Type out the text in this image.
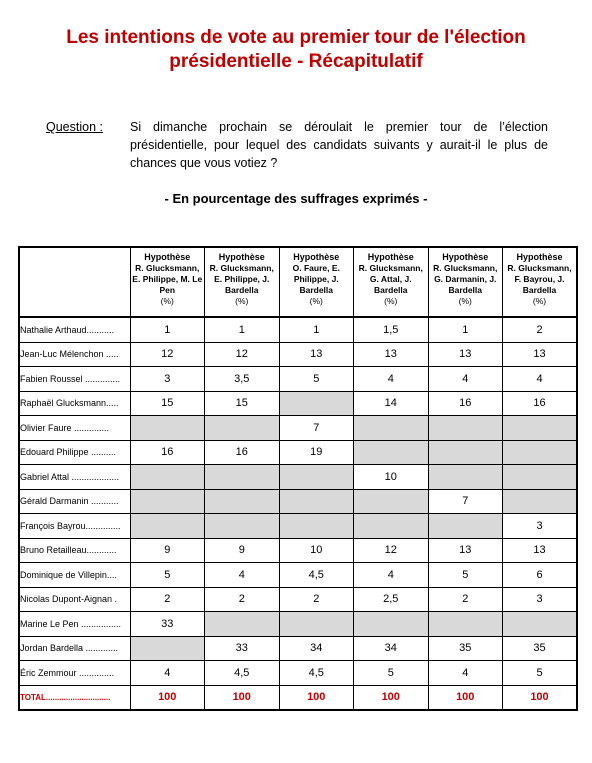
Les intentions de vote au premier tour de l'élection
présidentielle - Récapitulatif
Question : Si dimanche prochain se déroulait le premier tour de l’élection présidentielle, pour lequel des candidats suivants y aurait-il le plus de chances que vous votiez ?
- En pourcentage des suffrages exprimés -

	Hypothèse
R. Glucksmann, E. Philippe, M. Le Pen
(%)	Hypothèse
R. Glucksmann, E. Philippe, J. Bardella
(%)	Hypothèse
O. Faure, E. Philippe, J. Bardella
(%)	Hypothèse
R. Glucksmann, G. Attal, J. Bardella
(%)	Hypothèse
R. Glucksmann, G. Darmanin, J. Bardella
(%)	Hypothèse
R. Glucksmann, F. Bayrou, J. Bardella
(%)

Nathalie Arthaud...........	1	1	1	1,5	1	2
Jean-Luc Mélenchon .....	12	12	13	13	13	13
Fabien Roussel ..............	3	3,5	5	4	4	4
Raphaël Glucksmann.....	15	15		14	16	16
Olivier Faure ..............			7			
Edouard Philippe ..........	16	16	19			
Gabriel Attal ...................				10		
Gérald Darmanin ...........					7	
François Bayrou..............						3
Bruno Retailleau............	9	9	10	12	13	13
Dominique de Villepin....	5	4	4,5	4	5	6
Nicolas Dupont-Aignan .	2	2	2	2,5	2	3
Marine Le Pen ................	33					
Jordan Bardella .............		33	34	34	35	35
Éric Zemmour ..............	4	4,5	4,5	5	4	5
TOTAL.............................	100	100	100	100	100	100
